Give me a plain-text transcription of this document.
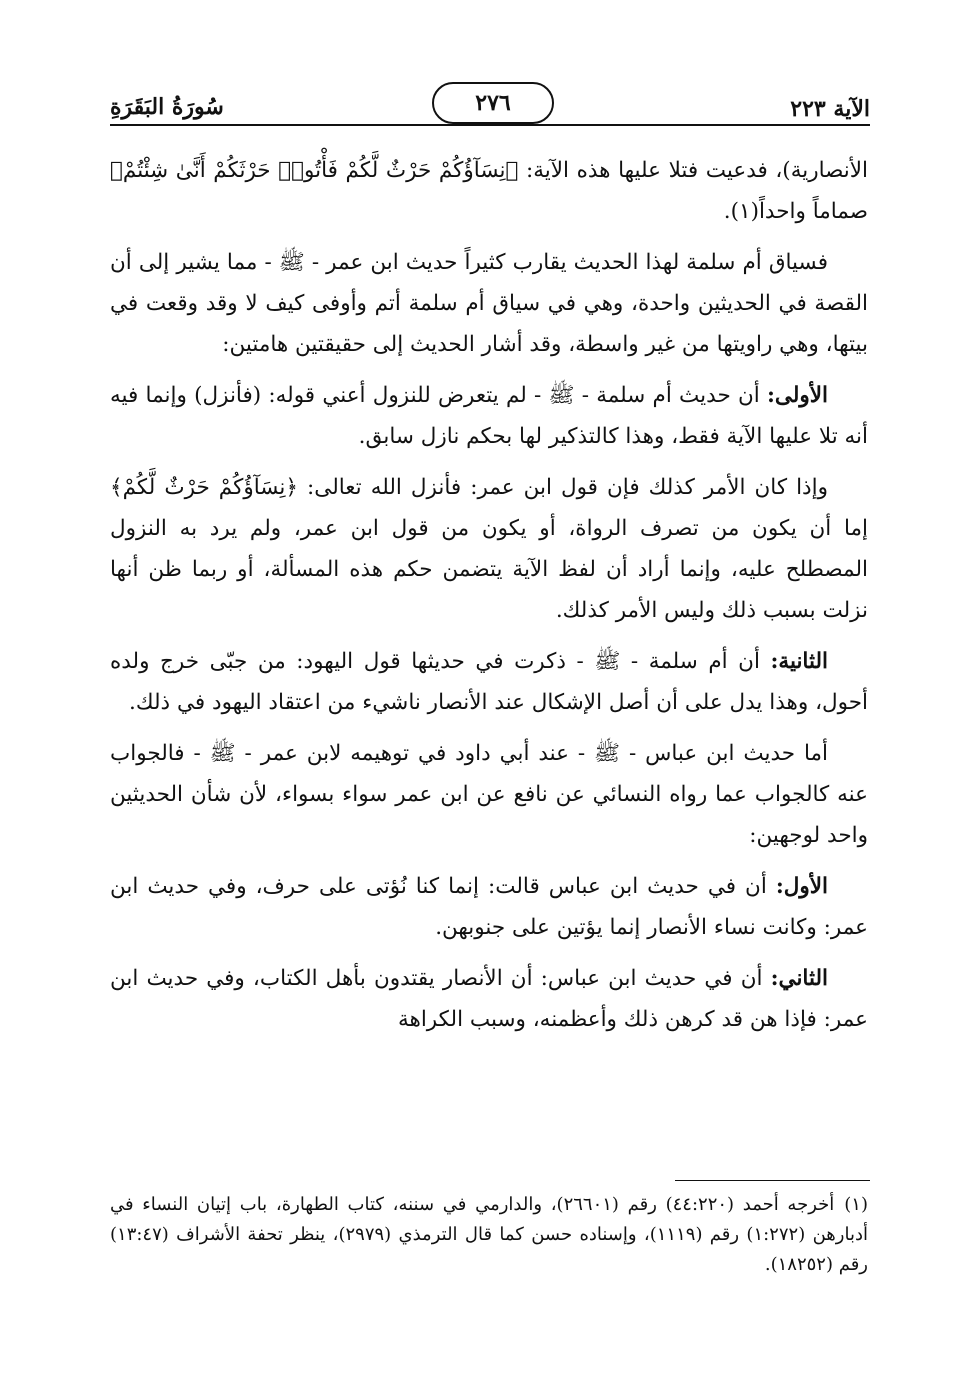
الآية ٢٢٣
٢٧٦
سُورَةُ البَقَرَةِ

الأنصارية)، فدعيت فتلا عليها هذه الآية: ﴿نِسَآؤُكُمْ حَرْثٌ لَّكُمْ فَأْتُوا۟ حَرْثَكُمْ أَنَّىٰ شِئْتُمْ﴾ صماماً واحداً(١).

فسياق أم سلمة لهذا الحديث يقارب كثيراً حديث ابن عمر - ﷺ - مما يشير إلى أن القصة في الحديثين واحدة، وهي في سياق أم سلمة أتم وأوفى كيف لا وقد وقعت في بيتها، وهي راويتها من غير واسطة، وقد أشار الحديث إلى حقيقتين هامتين:

الأولى: أن حديث أم سلمة - ﷺ - لم يتعرض للنزول أعني قوله: (فأنزل) وإنما فيه أنه تلا عليها الآية فقط، وهذا كالتذكير لها بحكم نازل سابق.

وإذا كان الأمر كذلك فإن قول ابن عمر: فأنزل الله تعالى: ﴿نِسَآؤُكُمْ حَرْثٌ لَّكُمْ﴾ إما أن يكون من تصرف الرواة، أو يكون من قول ابن عمر، ولم يرد به النزول المصطلح عليه، وإنما أراد أن لفظ الآية يتضمن حكم هذه المسألة، أو ربما ظن أنها نزلت بسبب ذلك وليس الأمر كذلك.

الثانية: أن أم سلمة - ﷺ - ذكرت في حديثها قول اليهود: من جبّى خرج ولده أحول، وهذا يدل على أن أصل الإشكال عند الأنصار ناشيء من اعتقاد اليهود في ذلك.

أما حديث ابن عباس - ﷺ - عند أبي داود في توهيمه لابن عمر - ﷺ - فالجواب عنه كالجواب عما رواه النسائي عن نافع عن ابن عمر سواء بسواء، لأن شأن الحديثين واحد لوجهين:

الأول: أن في حديث ابن عباس قالت: إنما كنا نُؤتى على حرف، وفي حديث ابن عمر: وكانت نساء الأنصار إنما يؤتين على جنوبهن.

الثاني: أن في حديث ابن عباس: أن الأنصار يقتدون بأهل الكتاب، وفي حديث ابن عمر: فإذا هن قد كرهن ذلك وأعظمنه، وسبب الكراهة

(١)أخرجه أحمد (٤٤:٢٢٠) رقم (٢٦٦٠١)، والدارمي في سننه، كتاب الطهارة، باب إتيان النساء في أدبارهن (١:٢٧٢) رقم (١١١٩)، وإسناده حسن كما قال الترمذي (٢٩٧٩)، ينظر تحفة الأشراف (١٣:٤٧) رقم (١٨٢٥٢).
